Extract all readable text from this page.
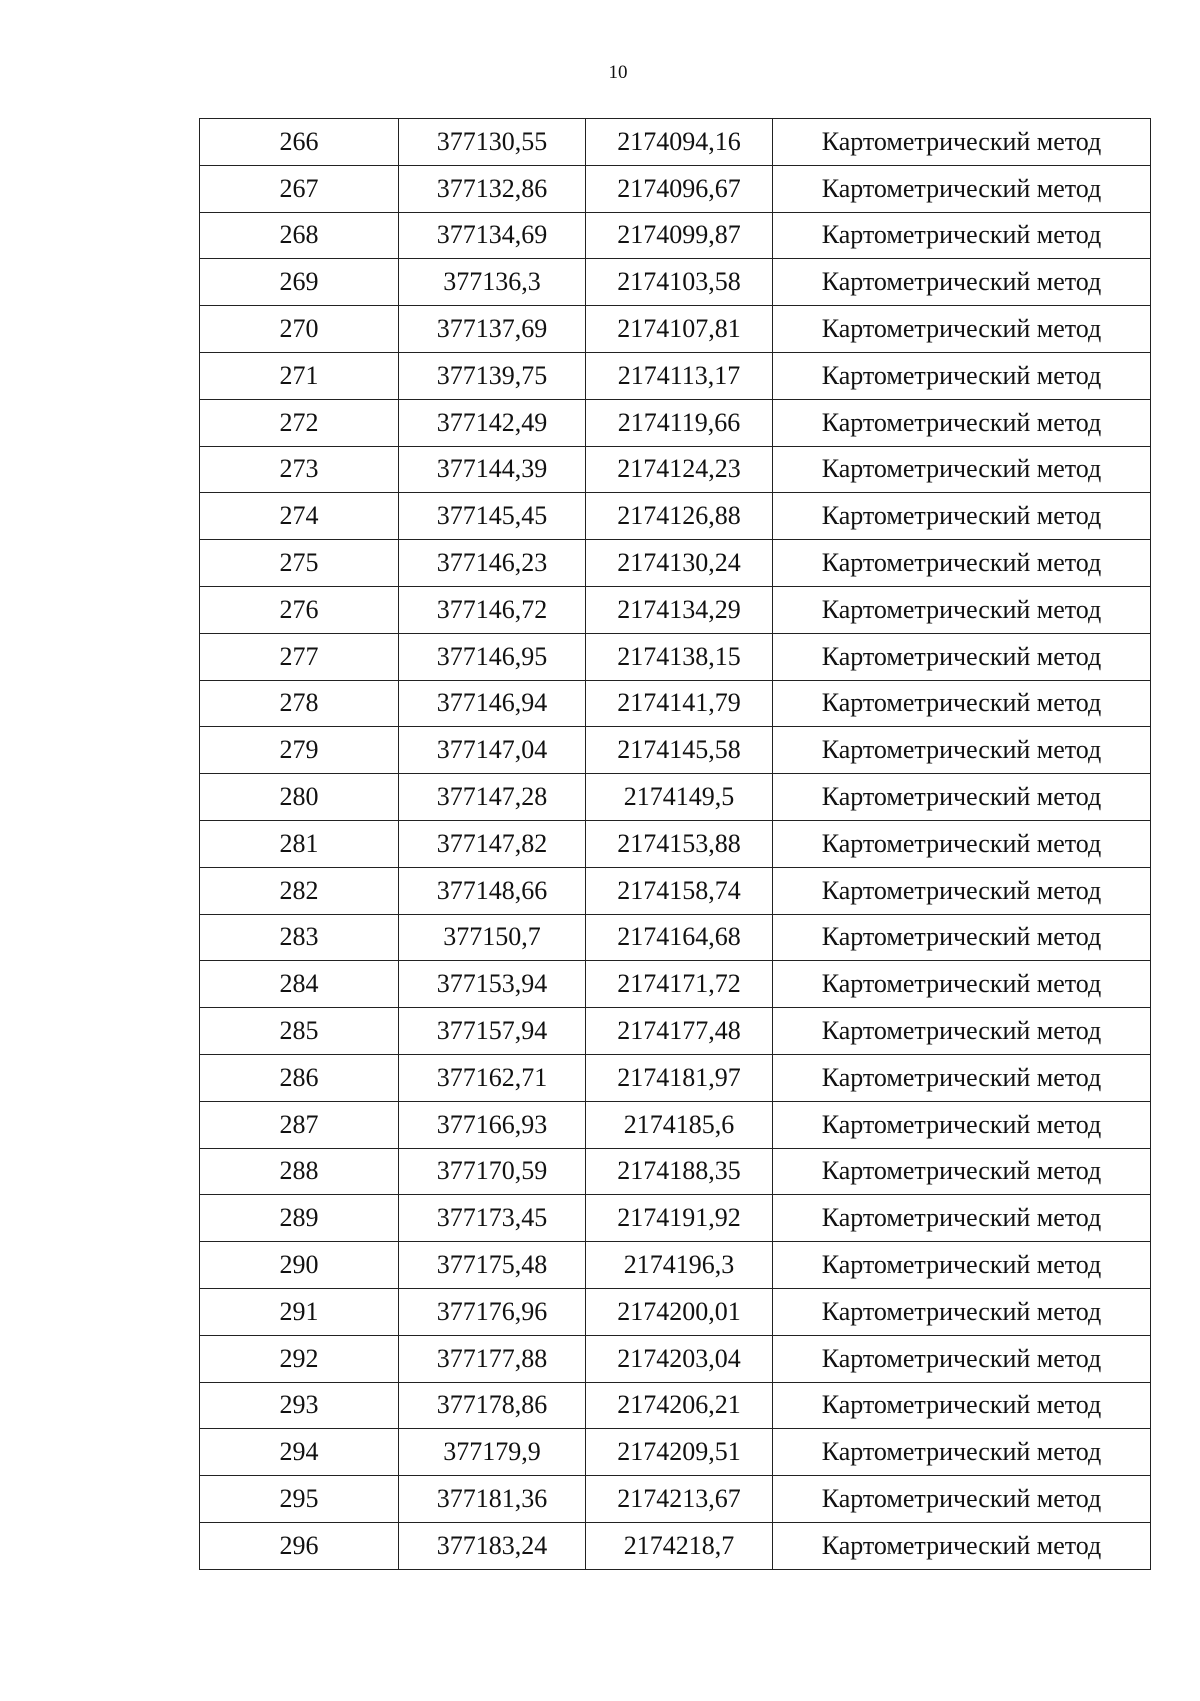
10
266	377130,55	2174094,16	Картометрический метод
267	377132,86	2174096,67	Картометрический метод
268	377134,69	2174099,87	Картометрический метод
269	377136,3	2174103,58	Картометрический метод
270	377137,69	2174107,81	Картометрический метод
271	377139,75	2174113,17	Картометрический метод
272	377142,49	2174119,66	Картометрический метод
273	377144,39	2174124,23	Картометрический метод
274	377145,45	2174126,88	Картометрический метод
275	377146,23	2174130,24	Картометрический метод
276	377146,72	2174134,29	Картометрический метод
277	377146,95	2174138,15	Картометрический метод
278	377146,94	2174141,79	Картометрический метод
279	377147,04	2174145,58	Картометрический метод
280	377147,28	2174149,5	Картометрический метод
281	377147,82	2174153,88	Картометрический метод
282	377148,66	2174158,74	Картометрический метод
283	377150,7	2174164,68	Картометрический метод
284	377153,94	2174171,72	Картометрический метод
285	377157,94	2174177,48	Картометрический метод
286	377162,71	2174181,97	Картометрический метод
287	377166,93	2174185,6	Картометрический метод
288	377170,59	2174188,35	Картометрический метод
289	377173,45	2174191,92	Картометрический метод
290	377175,48	2174196,3	Картометрический метод
291	377176,96	2174200,01	Картометрический метод
292	377177,88	2174203,04	Картометрический метод
293	377178,86	2174206,21	Картометрический метод
294	377179,9	2174209,51	Картометрический метод
295	377181,36	2174213,67	Картометрический метод
296	377183,24	2174218,7	Картометрический метод
